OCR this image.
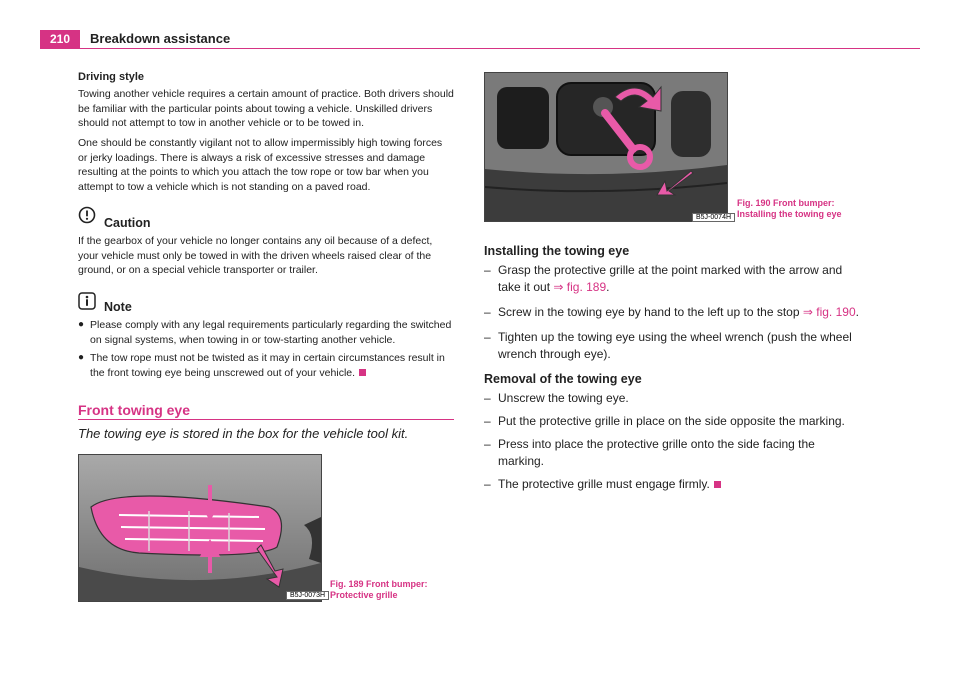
210	Breakdown assistance
Driving style

Towing another vehicle requires a certain amount of practice. Both drivers should be familiar with the particular points about towing a vehicle. Unskilled drivers should not attempt to tow in another vehicle or to be towed in.

One should be constantly vigilant not to allow impermissibly high towing forces or jerky loadings. There is always a risk of excessive stresses and damage resulting at the points to which you attach the tow rope or tow bar when you attempt to tow a vehicle which is not standing on a paved road.

Caution

If the gearbox of your vehicle no longer contains any oil because of a defect, your vehicle must only be towed in with the driven wheels raised clear of the ground, or on a special vehicle transporter or trailer.

Note
● Please comply with any legal requirements particularly regarding the switched on signal systems, when towing in or tow-starting another vehicle.

● The tow rope must not be twisted as it may in certain circumstances result in the front towing eye being unscrewed out of your vehicle.

Front towing eye
The towing eye is stored in the box for the vehicle tool kit.
B5J-0073H
Fig. 189 Front bumper:
Protective grille
B5J-0074H
Fig. 190 Front bumper:
Installing the towing eye
Installing the towing eye
– Grasp the protective grille at the point marked with the arrow and take it out ⇒ fig. 189.
– Screw in the towing eye by hand to the left up to the stop ⇒ fig. 190.
– Tighten up the towing eye using the wheel wrench (push the wheel wrench through eye).
Removal of the towing eye
– Unscrew the towing eye.
– Put the protective grille in place on the side opposite the marking.
– Press into place the protective grille onto the side facing the marking.
– The protective grille must engage firmly.
